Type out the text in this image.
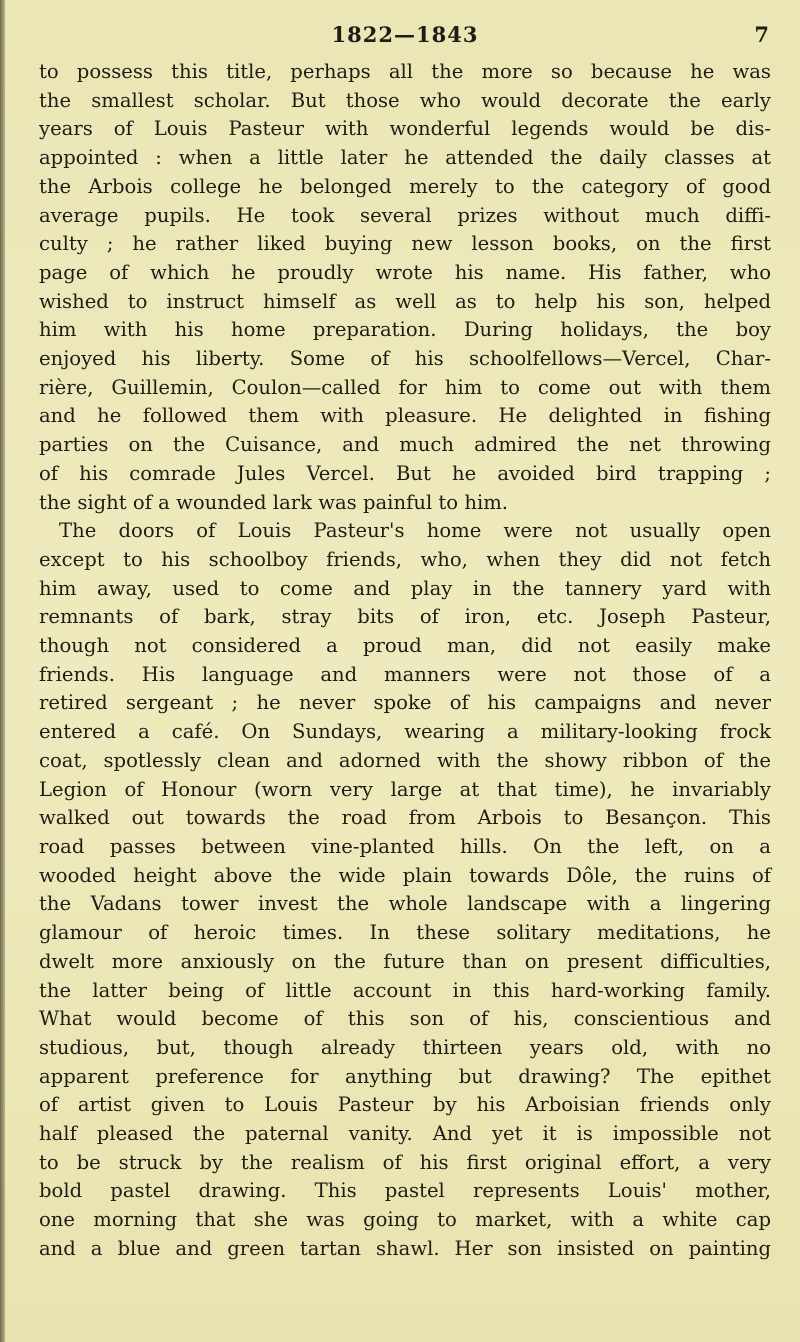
1822—1843	7

to possess this title, perhaps all the more so because he was

the smallest scholar. But those who would decorate the early

years of Louis Pasteur with wonderful legends would be dis-

appointed : when a little later he attended the daily classes at

the Arbois college he belonged merely to the category of good

average pupils. He took several prizes without much diffi-

culty ; he rather liked buying new lesson books, on the first

page of which he proudly wrote his name. His father, who

wished to instruct himself as well as to help his son, helped

him with his home preparation. During holidays, the boy

enjoyed his liberty. Some of his schoolfellows—Vercel, Char-

rière, Guillemin, Coulon—called for him to come out with them

and he followed them with pleasure. He delighted in fishing

parties on the Cuisance, and much admired the net throwing

of his comrade Jules Vercel. But he avoided bird trapping ;

the sight of a wounded lark was painful to him.

The doors of Louis Pasteur's home were not usually open

except to his schoolboy friends, who, when they did not fetch

him away, used to come and play in the tannery yard with

remnants of bark, stray bits of iron, etc. Joseph Pasteur,

though not considered a proud man, did not easily make

friends. His language and manners were not those of a

retired sergeant ; he never spoke of his campaigns and never

entered a café. On Sundays, wearing a military-looking frock

coat, spotlessly clean and adorned with the showy ribbon of the

Legion of Honour (worn very large at that time), he invariably

walked out towards the road from Arbois to Besançon. This

road passes between vine-planted hills. On the left, on a

wooded height above the wide plain towards Dôle, the ruins of

the Vadans tower invest the whole landscape with a lingering

glamour of heroic times. In these solitary meditations, he

dwelt more anxiously on the future than on present difficulties,

the latter being of little account in this hard-working family.

What would become of this son of his, conscientious and

studious, but, though already thirteen years old, with no

apparent preference for anything but drawing? The epithet

of artist given to Louis Pasteur by his Arboisian friends only

half pleased the paternal vanity. And yet it is impossible not

to be struck by the realism of his first original effort, a very

bold pastel drawing. This pastel represents Louis' mother,

one morning that she was going to market, with a white cap

and a blue and green tartan shawl. Her son insisted on painting
